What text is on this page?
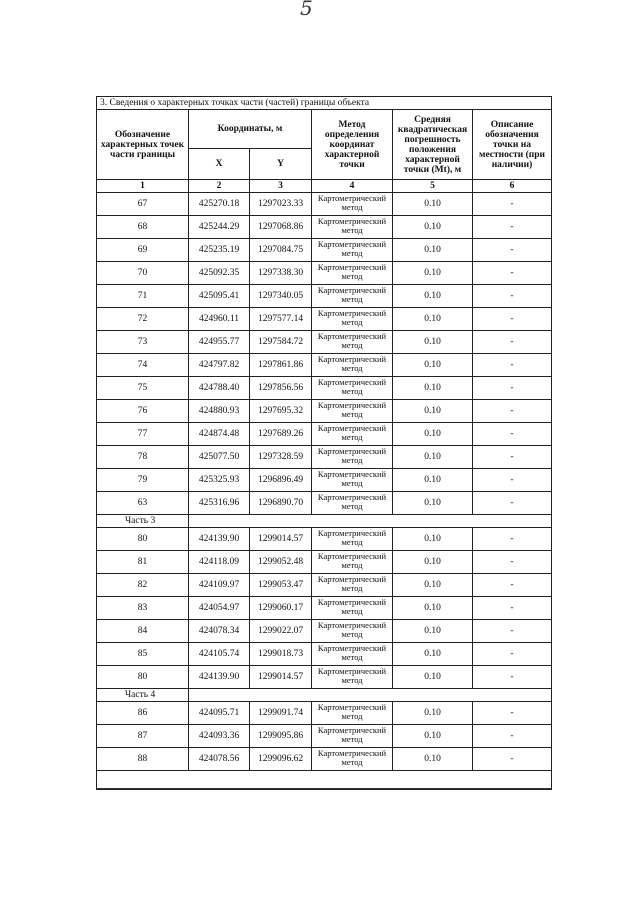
5
3. Сведения о характерных точках части (частей) границы объекта					
Обозначение характерных точек части границы	Координаты, м		Метод определения координат характерной точки	Средняя квадратическая погрешность положения характерной точки (Mt), м	Описание обозначения точки на местности (при наличии)
	X	Y			
1	2	3	4	5	6
67	425270.18	1297023.33	Картометрический метод	0.10	-
68	425244.29	1297068.86	Картометрический метод	0.10	-
69	425235.19	1297084.75	Картометрический метод	0.10	-
70	425092.35	1297338.30	Картометрический метод	0.10	-
71	425095.41	1297340.05	Картометрический метод	0.10	-
72	424960.11	1297577.14	Картометрический метод	0.10	-
73	424955.77	1297584.72	Картометрический метод	0.10	-
74	424797.82	1297861.86	Картометрический метод	0.10	-
75	424788.40	1297856.56	Картометрический метод	0.10	-
76	424880.93	1297695.32	Картометрический метод	0.10	-
77	424874.48	1297689.26	Картометрический метод	0.10	-
78	425077.50	1297328.59	Картометрический метод	0.10	-
79	425325.93	1296896.49	Картометрический метод	0.10	-
63	425316.96	1296890.70	Картометрический метод	0.10	-
Часть 3					
80	424139.90	1299014.57	Картометрический метод	0.10	-
81	424118.09	1299052.48	Картометрический метод	0.10	-
82	424109.97	1299053.47	Картометрический метод	0.10	-
83	424054.97	1299060.17	Картометрический метод	0.10	-
84	424078.34	1299022.07	Картометрический метод	0.10	-
85	424105.74	1299018.73	Картометрический метод	0.10	-
80	424139.90	1299014.57	Картометрический метод	0.10	-
Часть 4					
86	424095.71	1299091.74	Картометрический метод	0.10	-
87	424093.36	1299095.86	Картометрический метод	0.10	-
88	424078.56	1299096.62	Картометрический метод	0.10	-
